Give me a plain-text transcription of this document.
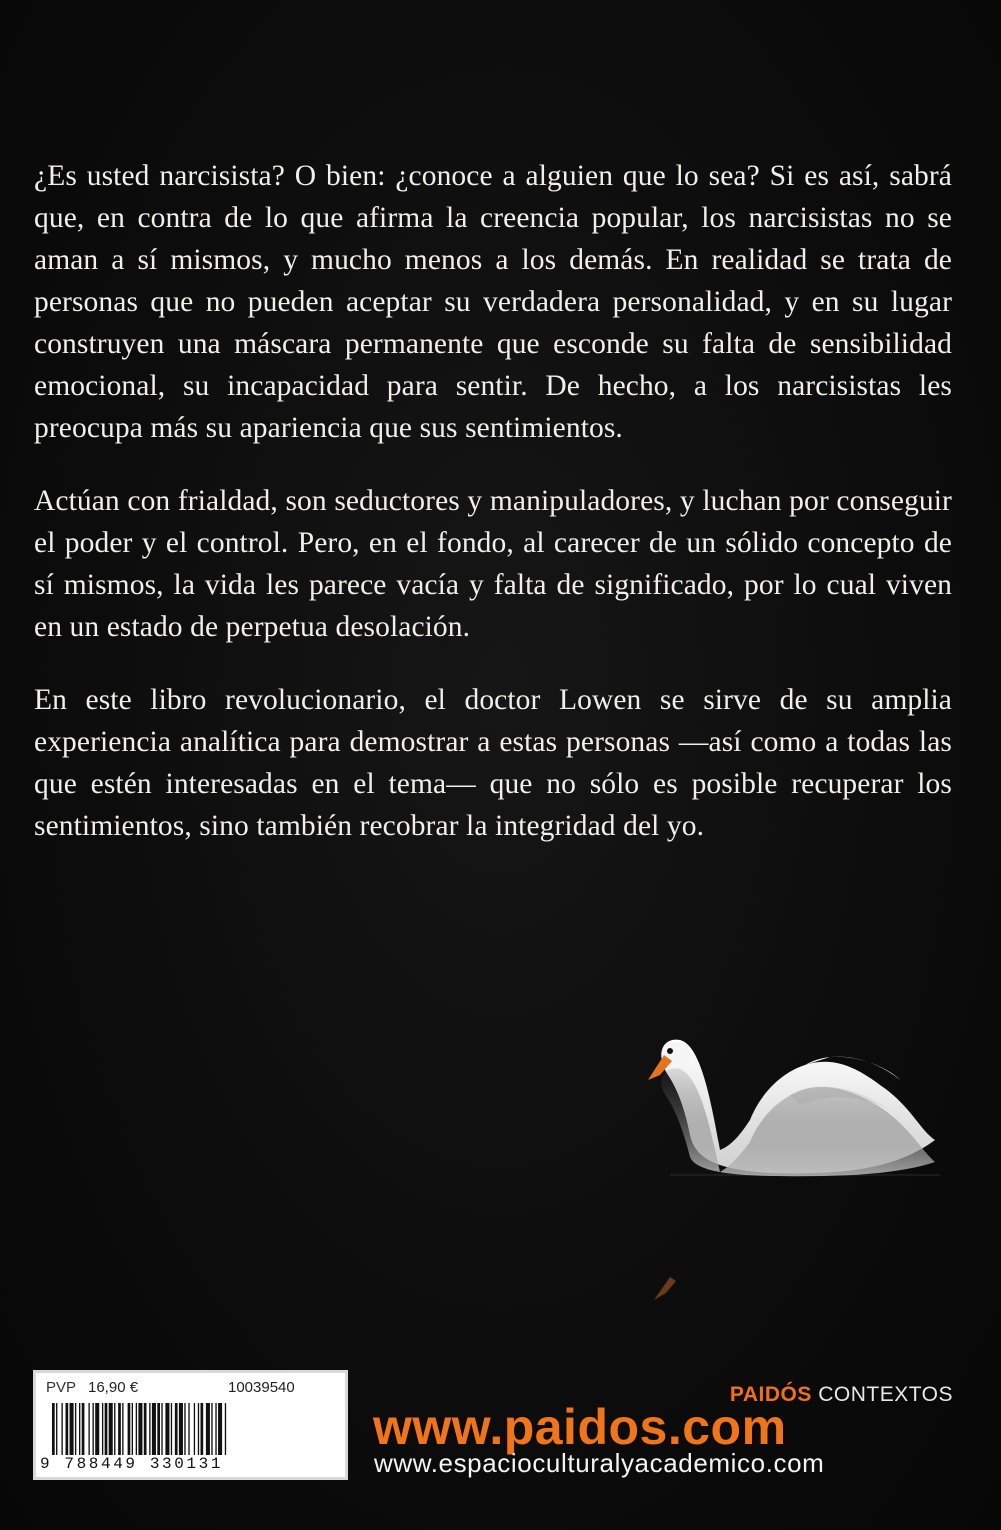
¿Es usted narcisista? O bien: ¿conoce a alguien que lo sea? Si es así, sabrá que, en contra de lo que afirma la creencia popular, los narcisistas no se aman a sí mismos, y mucho menos a los demás. En realidad se trata de personas que no pueden aceptar su verdadera personalidad, y en su lugar construyen una máscara permanente que esconde su falta de sensibilidad emocional, su incapacidad para sentir. De hecho, a los narcisistas les preocupa más su apariencia que sus sentimientos.

Actúan con frialdad, son seductores y manipuladores, y luchan por conseguir el poder y el control. Pero, en el fondo, al carecer de un sólido concepto de sí mismos, la vida les parece vacía y falta de significado, por lo cual viven en un estado de perpetua desolación.

En este libro revolucionario, el doctor Lowen se sirve de su amplia experiencia analítica para demostrar a estas personas —así como a todas las que estén interesadas en el tema— que no sólo es posible recuperar los sentimientos, sino también recobrar la integridad del yo.

PVP 16,90 €	10039540
9 788449 330131
PAIDÓS CONTEXTOS
www.paidos.com
www.espacioculturalyacademico.com
